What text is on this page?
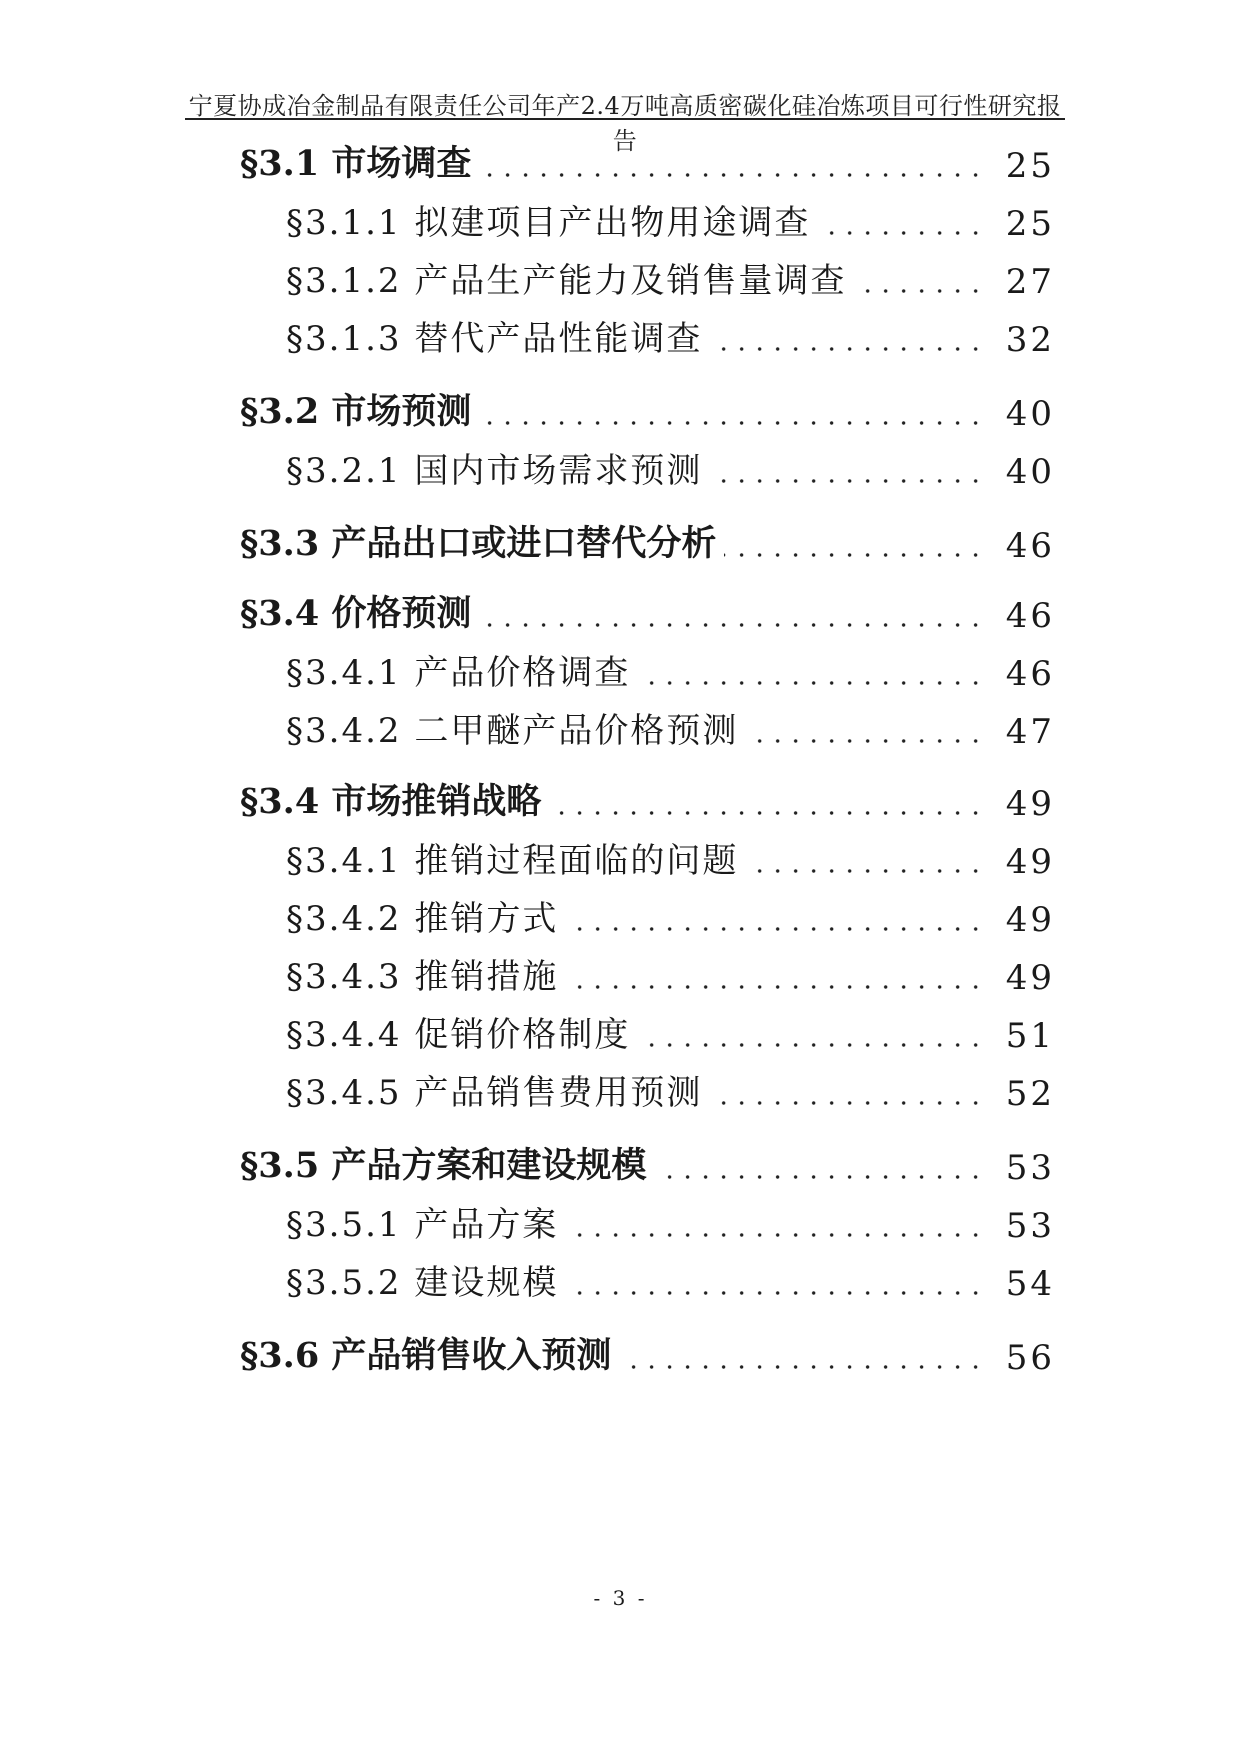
宁夏协成冶金制品有限责任公司年产2.4万吨高质密碳化硅冶炼项目可行性研究报告
§3.1 市场调查	25
§3.1.1 拟建项目产出物用途调查	25
§3.1.2 产品生产能力及销售量调查	27
§3.1.3 替代产品性能调查	32
§3.2 市场预测	40
§3.2.1 国内市场需求预测	40
§3.3 产品出口或进口替代分析	46
§3.4 价格预测	46
§3.4.1 产品价格调查	46
§3.4.2 二甲醚产品价格预测	47
§3.4 市场推销战略	49
§3.4.1 推销过程面临的问题	49
§3.4.2 推销方式	49
§3.4.3 推销措施	49
§3.4.4 促销价格制度	51
§3.4.5 产品销售费用预测	52
§3.5 产品方案和建设规模	53
§3.5.1 产品方案	53
§3.5.2 建设规模	54
§3.6 产品销售收入预测	56
- 3 -
